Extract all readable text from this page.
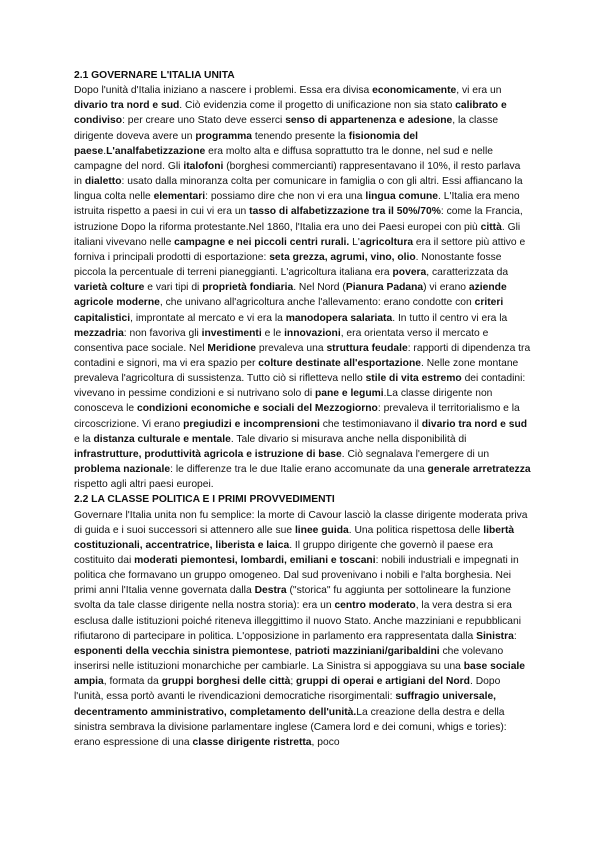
2.1 GOVERNARE L'ITALIA UNITA

Dopo l'unità d'Italia iniziano a nascere i problemi. Essa era divisa economicamente, vi era un divario tra nord e sud. Ciò evidenzia come il progetto di unificazione non sia stato calibrato e condiviso: per creare uno Stato deve esserci senso di appartenenza e adesione, la classe dirigente doveva avere un programma tenendo presente la fisionomia del paese.L'analfabetizzazione era molto alta e diffusa soprattutto tra le donne, nel sud e nelle campagne del nord. Gli italofoni (borghesi commercianti) rappresentavano il 10%, il resto parlava in dialetto: usato dalla minoranza colta per comunicare in famiglia o con gli altri. Essi affiancano la lingua colta nelle elementari: possiamo dire che non vi era una lingua comune. L'Italia era meno istruita rispetto a paesi in cui vi era un tasso di alfabetizzazione tra il 50%/70%: come la Francia, istruzione Dopo la riforma protestante.Nel 1860, l'Italia era uno dei Paesi europei con più città. Gli italiani vivevano nelle campagne e nei piccoli centri rurali. L'agricoltura era il settore più attivo e forniva i principali prodotti di esportazione: seta grezza, agrumi, vino, olio. Nonostante fosse piccola la percentuale di terreni pianeggianti. L'agricoltura italiana era povera, caratterizzata da varietà colture e vari tipi di proprietà fondiaria. Nel Nord (Pianura Padana) vi erano aziende agricole moderne, che univano all'agricoltura anche l'allevamento: erano condotte con criteri capitalistici, improntate al mercato e vi era la manodopera salariata. In tutto il centro vi era la mezzadria: non favoriva gli investimenti e le innovazioni, era orientata verso il mercato e consentiva pace sociale. Nel Meridione prevaleva una struttura feudale: rapporti di dipendenza tra contadini e signori, ma vi era spazio per colture destinate all'esportazione. Nelle zone montane prevaleva l'agricoltura di sussistenza. Tutto ciò si rifletteva nello stile di vita estremo dei contadini: vivevano in pessime condizioni e si nutrivano solo di pane e legumi.La classe dirigente non conosceva le condizioni economiche e sociali del Mezzogiorno: prevaleva il territorialismo e la circoscrizione. Vi erano pregiudizi e incomprensioni che testimoniavano il divario tra nord e sud e la distanza culturale e mentale. Tale divario si misurava anche nella disponibilità di infrastrutture, produttività agricola e istruzione di base. Ciò segnalava l'emergere di un problema nazionale: le differenze tra le due Italie erano accomunate da una generale arretratezza rispetto agli altri paesi europei.

2.2 LA CLASSE POLITICA E I PRIMI PROVVEDIMENTI

Governare l'Italia unita non fu semplice: la morte di Cavour lasciò la classe dirigente moderata priva di guida e i suoi successori si attennero alle sue linee guida. Una politica rispettosa delle libertà costituzionali, accentratrice, liberista e laica. Il gruppo dirigente che governò il paese era costituito dai moderati piemontesi, lombardi, emiliani e toscani: nobili industriali e impegnati in politica che formavano un gruppo omogeneo. Dal sud provenivano i nobili e l'alta borghesia. Nei primi anni l'Italia venne governata dalla Destra ("storica" fu aggiunta per sottolineare la funzione svolta da tale classe dirigente nella nostra storia): era un centro moderato, la vera destra si era esclusa dalle istituzioni poiché riteneva illeggittimo il nuovo Stato. Anche mazziniani e repubblicani rifiutarono di partecipare in politica. L'opposizione in parlamento era rappresentata dalla Sinistra: esponenti della vecchia sinistra piemontese, patrioti mazziniani/garibaldini che volevano inserirsi nelle istituzioni monarchiche per cambiarle. La Sinistra si appoggiava su una base sociale ampia, formata da gruppi borghesi delle città; gruppi di operai e artigiani del Nord. Dopo l'unità, essa portò avanti le rivendicazioni democratiche risorgimentali: suffragio universale, decentramento amministrativo, completamento dell'unità.La creazione della destra e della sinistra sembrava la divisione parlamentare inglese (Camera lord e dei comuni, whigs e tories): erano espressione di una classe dirigente ristretta, poco
